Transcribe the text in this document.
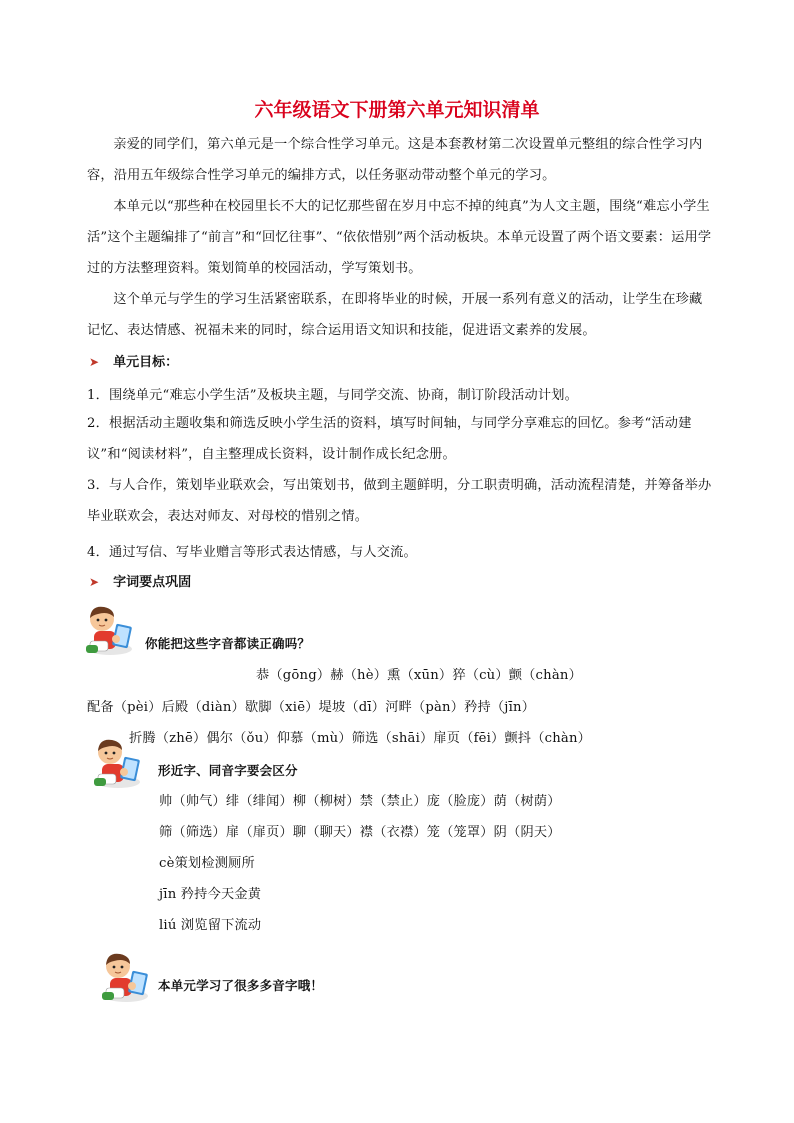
六年级语文下册第六单元知识清单

亲爱的同学们，第六单元是一个综合性学习单元。这是本套教材第二次设置单元整组的综合性学习内容，沿用五年级综合性学习单元的编排方式，以任务驱动带动整个单元的学习。

本单元以“那些种在校园里长不大的记忆那些留在岁月中忘不掉的纯真”为人文主题，围绕“难忘小学生活”这个主题编排了“前言”和“回忆往事”、“依依惜别”两个活动板块。本单元设置了两个语文要素：运用学过的方法整理资料。策划简单的校园活动，学写策划书。

这个单元与学生的学习生活紧密联系，在即将毕业的时候，开展一系列有意义的活动，让学生在珍藏记忆、表达情感、祝福未来的同时，综合运用语文知识和技能，促进语文素养的发展。

➤ 单元目标：

1．围绕单元“难忘小学生活”及板块主题，与同学交流、协商，制订阶段活动计划。

2．根据活动主题收集和筛选反映小学生活的资料，填写时间轴，与同学分享难忘的回忆。参考“活动建议”和“阅读材料”，自主整理成长资料，设计制作成长纪念册。

3．与人合作，策划毕业联欢会，写出策划书，做到主题鲜明，分工职责明确，活动流程清楚，并筹备举办毕业联欢会，表达对师友、对母校的惜别之情。

4．通过写信、写毕业赠言等形式表达情感，与人交流。

➤ 字词要点巩固

你能把这些字音都读正确吗？

恭（gōng）赫（hè）熏（xūn）猝（cù）颤（chàn）

配备（pèi）后殿（diàn）歇脚（xiē）堤坡（dī）河畔（pàn）矜持（jīn）

折腾（zhē）偶尔（ǒu）仰慕（mù）筛选（shāi）扉页（fēi）颤抖（chàn）

形近字、同音字要会区分

帅（帅气）绯（绯闻）柳（柳树）禁（禁止）庞（脸庞）荫（树荫）

筛（筛选）扉（扉页）聊（聊天）襟（衣襟）笼（笼罩）阴（阴天）

cè策划检测厕所

jīn 矜持今天金黄

liú 浏览留下流动

本单元学习了很多多音字哦！
